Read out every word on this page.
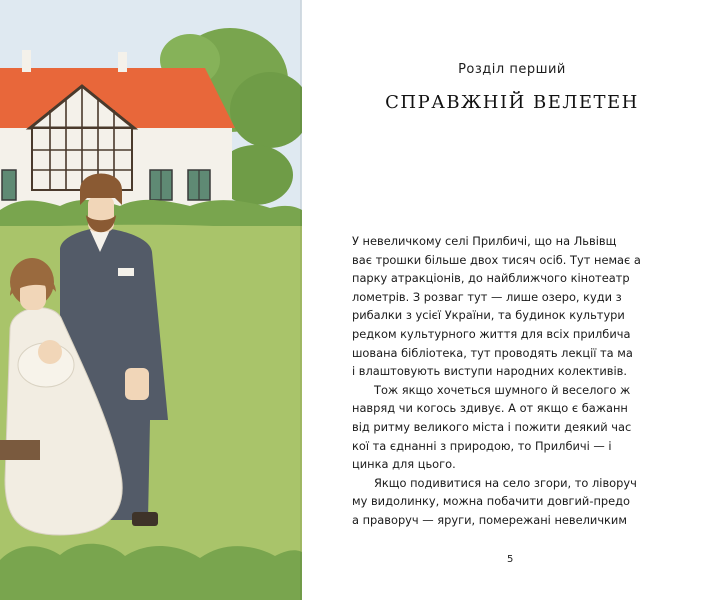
Розділ перший
СПРАВЖНІЙ ВЕЛЕТЕН
У невеличкому селі Прилбичі, що на Львівщ
ває трошки більше двох тисяч осіб. Тут немає а
парку атракціонів, до найближчого кінотеатр
лометрів. З розваг тут — лише озеро, куди з
рибалки з усієї України, та будинок культури
редком культурного життя для всіх прилбича
шована бібліотека, тут проводять лекції та ма
і влаштовують виступи народних колективів.
Тож якщо хочеться шумного й веселого ж
навряд чи когось здивує. А от якщо є бажанн
від ритму великого міста і пожити деякий час
кої та єднанні з природою, то Прилбичі — і
цинка для цього.
Якщо подивитися на село згори, то ліворуч
му видолинку, можна побачити довгий-предо
а праворуч — яруги, помережані невеличким
5
